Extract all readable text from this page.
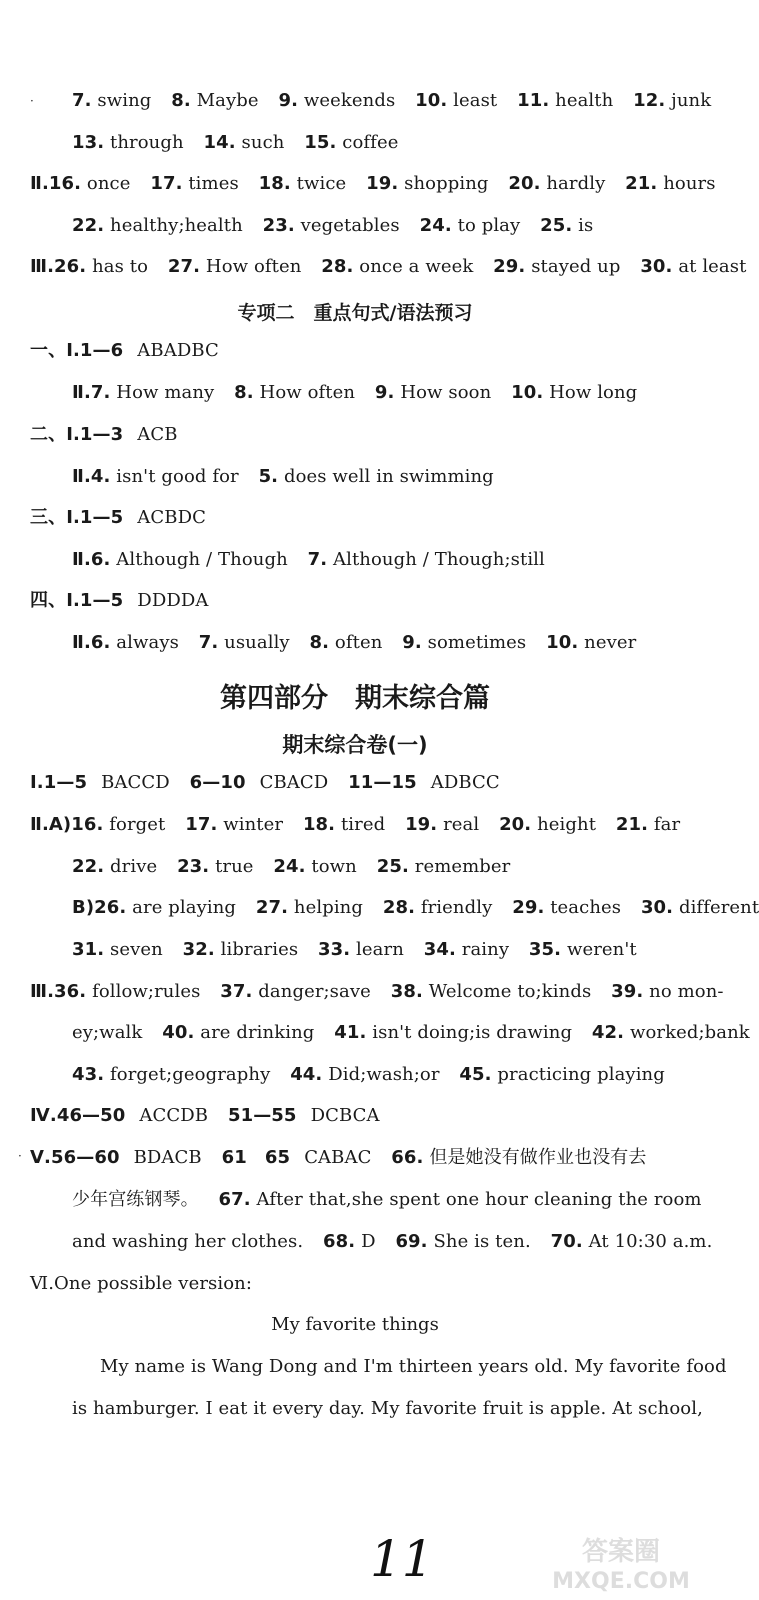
· 7. swing 8. Maybe 9. weekends 10. least 11. health 12. junk
13. through 14. such 15. coffee
Ⅱ.16. once 17. times 18. twice 19. shopping 20. hardly 21. hours
22. healthy;health 23. vegetables 24. to play 25. is
Ⅲ.26. has to 27. How often 28. once a week 29. stayed up 30. at least
专项二　重点句式/语法预习
一、Ⅰ.1—6 ABADBC
Ⅱ.7. How many 8. How often 9. How soon 10. How long
二、Ⅰ.1—3 ACB
Ⅱ.4. isn't good for 5. does well in swimming
三、Ⅰ.1—5 ACBDC
Ⅱ.6. Although / Though 7. Although / Though;still
四、Ⅰ.1—5 DDDDA
Ⅱ.6. always 7. usually 8. often 9. sometimes 10. never
第四部分　期末综合篇
期末综合卷(一)
Ⅰ.1—5 BACCD 6—10 CBACD 11—15 ADBCC
Ⅱ.A)16. forget 17. winter 18. tired 19. real 20. height 21. far
22. drive 23. true 24. town 25. remember
B)26. are playing 27. helping 28. friendly 29. teaches 30. different
31. seven 32. libraries 33. learn 34. rainy 35. weren't
Ⅲ.36. follow;rules 37. danger;save 38. Welcome to;kinds 39. no mon-
ey;walk 40. are drinking 41. isn't doing;is drawing 42. worked;bank
43. forget;geography 44. Did;wash;or 45. practicing playing
Ⅳ.46—50 ACCDB 51—55 DCBCA
· Ⅴ.56—60 BDACB 61　65 CABAC 66. 但是她没有做作业也没有去
少年宫练钢琴。 67. After that,she spent one hour cleaning the room
and washing her clothes. 68. D 69. She is ten. 70. At 10:30 a.m.
Ⅵ.One possible version:
My favorite things
My name is Wang Dong and I'm thirteen years old. My favorite food
is hamburger. I eat it every day. My favorite fruit is apple. At school,
11	答案圈
MXQE.COM
